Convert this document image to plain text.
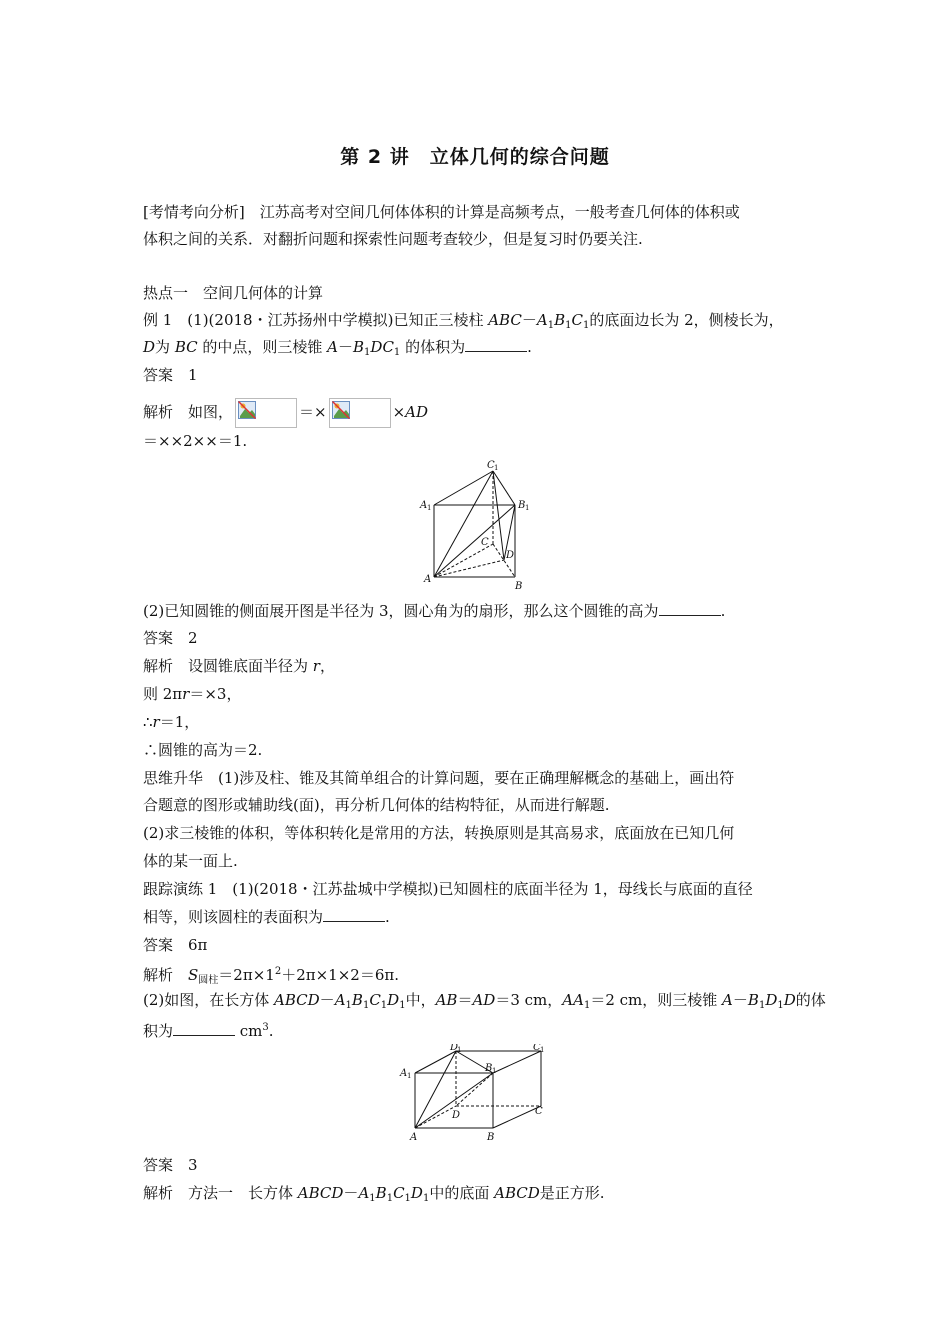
第 2 讲　立体几何的综合问题
[考情考向分析]　江苏高考对空间几何体体积的计算是高频考点，一般考查几何体的体积或
体积之间的关系．对翻折问题和探索性问题考查较少，但是复习时仍要关注.
热点一　空间几何体的计算
例 1　(1)(2018・江苏扬州中学模拟)已知正三棱柱 $ABC-A_1B_1C_1$的底面边长为 2，侧棱长为，
D为 BC 的中点，则三棱锥 $A-B_1DC_1$ 的体积为	.
答案　1
解析　如图，	＝×	×AD
＝××2××＝1.
C 1
A 1	B 1
C
D
A
B
(2)已知圆锥的侧面展开图是半径为 3，圆心角为的扇形，那么这个圆锥的高为	.
答案　2
解析　设圆锥底面半径为 r，
则 2πr＝×3，
∴r＝1，
∴圆锥的高为＝2.
思维升华　(1)涉及柱、锥及其简单组合的计算问题，要在正确理解概念的基础上，画出符
合题意的图形或辅助线(面)，再分析几何体的结构特征，从而进行解题.
(2)求三棱锥的体积，等体积转化是常用的方法，转换原则是其高易求，底面放在已知几何
体的某一面上.
跟踪演练 1　(1)(2018・江苏盐城中学模拟)已知圆柱的底面半径为 1，母线长与底面的直径
相等，则该圆柱的表面积为	.
答案　6π
解析　$S_{圆柱}=2\pi\times 1^2+2\pi\times 1\times 2=6\pi$.
(2)如图，在长方体 $ABCD-A_1B_1C_1D_1$中，AB＝AD＝3 cm，$AA_1=2$ cm，则三棱锥 $A-B_1D_1D$的体
积为	$cm^3$.
D
1	C 1
A 1
B 1
D	C
A	B
答案　3
解析　方法一　长方体 $ABCD-A_1B_1C_1D_1$中的底面 ABCD是正方形.
